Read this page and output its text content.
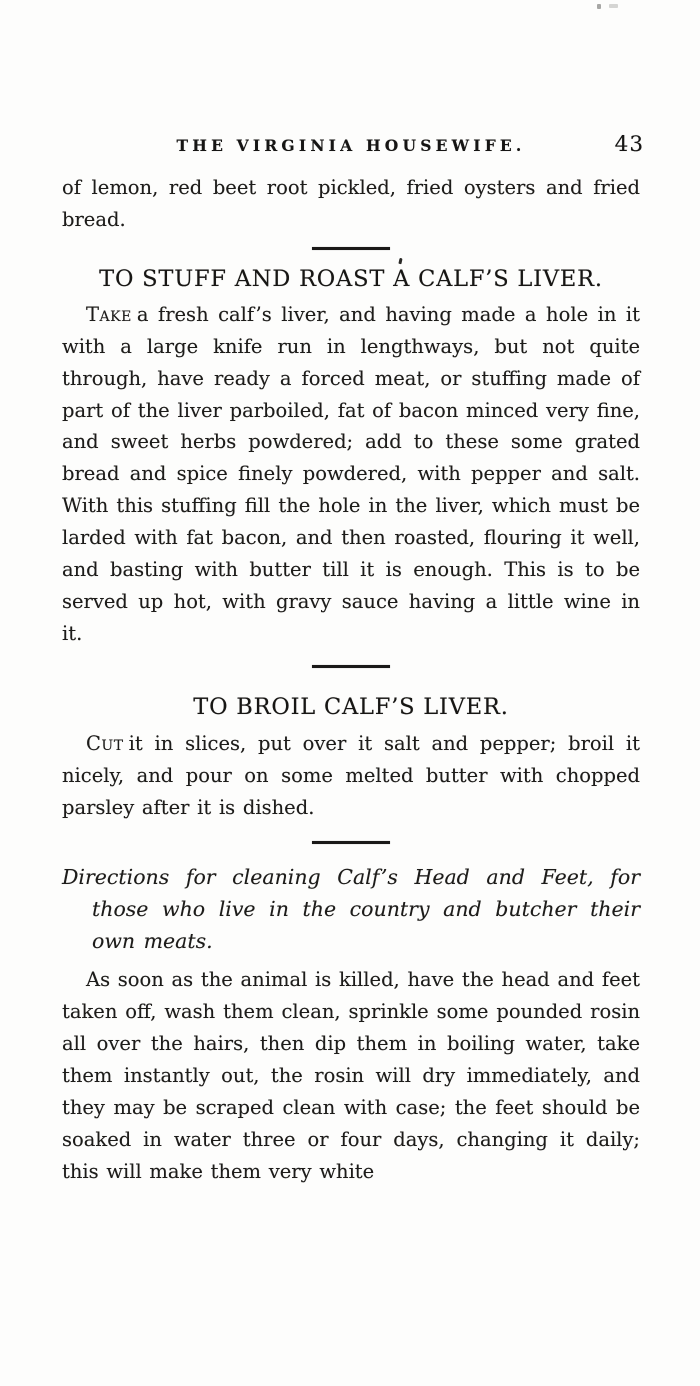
THE VIRGINIA HOUSEWIFE.	43

of lemon, red beet root pickled, fried oysters and fried bread.

TO STUFF AND ROAST A CALF’S LIVER.

Take a fresh calf’s liver, and having made a hole in it with a large knife run in lengthways, but not quite through, have ready a forced meat, or stuffing made of part of the liver parboiled, fat of bacon minced very fine, and sweet herbs powdered; add to these some grated bread and spice finely powdered, with pepper and salt. With this stuffing fill the hole in the liver, which must be larded with fat bacon, and then roasted, flouring it well, and basting with butter till it is enough. This is to be served up hot, with gravy sauce having a little wine in it.

TO BROIL CALF’S LIVER.

Cut it in slices, put over it salt and pepper; broil it nicely, and pour on some melted butter with chopped parsley after it is dished.

Directions for cleaning Calf’s Head and Feet, for those who live in the country and butcher their own meats.

As soon as the animal is killed, have the head and feet taken off, wash them clean, sprinkle some pounded rosin all over the hairs, then dip them in boiling water, take them instantly out, the rosin will dry immediately, and they may be scraped clean with case; the feet should be soaked in water three or four days, changing it daily; this will make them very white
